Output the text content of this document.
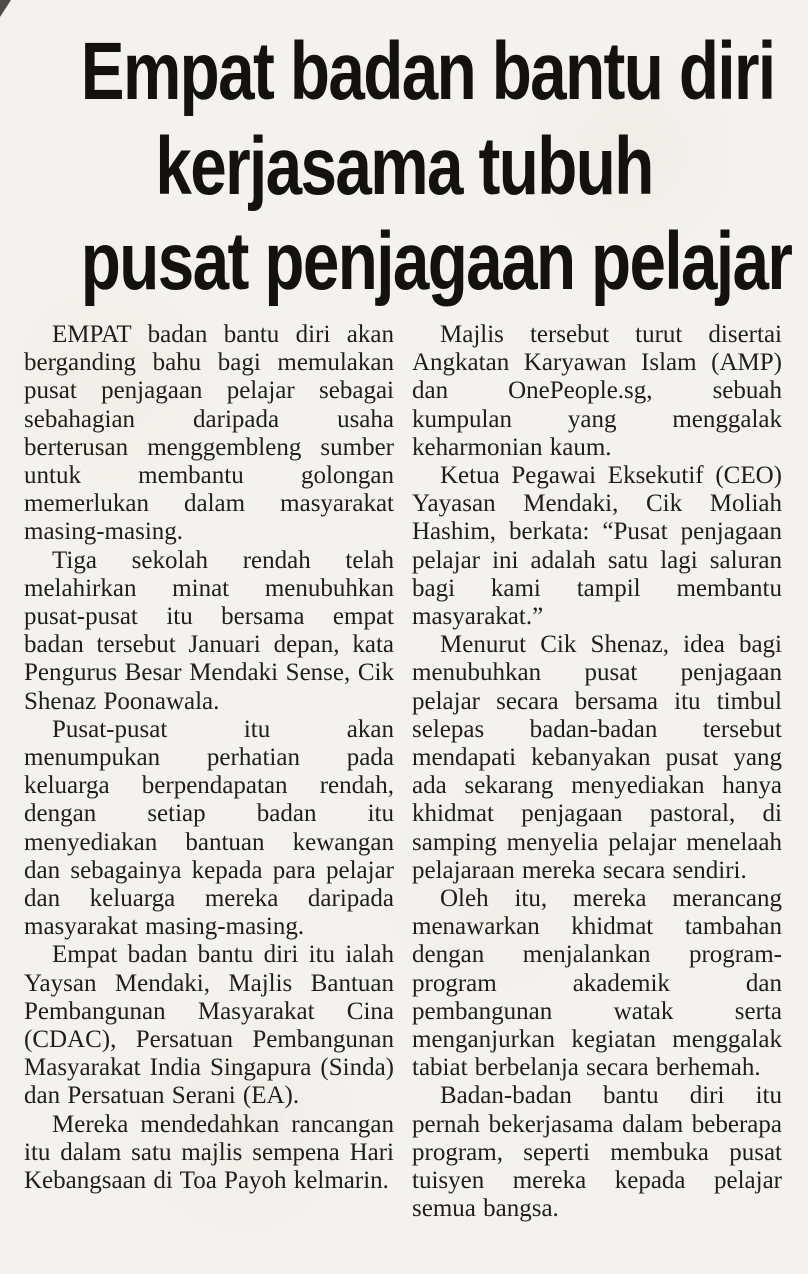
Empat badan bantu diri
kerjasama tubuh
pusat penjagaan pelajar

EMPAT badan bantu diri akan berganding bahu bagi memulakan pusat penjagaan pelajar sebagai sebahagian daripada usaha berterusan menggembleng sumber untuk membantu golongan memerlukan dalam masyarakat masing-masing.

Tiga sekolah rendah telah melahirkan minat menubuhkan pusat-pusat itu bersama empat badan tersebut Januari depan, kata Pengurus Besar Mendaki Sense, Cik Shenaz Poonawala.

Pusat-pusat itu akan menumpukan perhatian pada keluarga berpendapatan rendah, dengan setiap badan itu menyediakan bantuan kewangan dan sebagainya kepada para pelajar dan keluarga mereka daripada masyarakat masing-masing.

Empat badan bantu diri itu ialah Yaysan Mendaki, Majlis Bantuan Pembangunan Masyarakat Cina (CDAC), Persatuan Pembangunan Masyarakat India Singapura (Sinda) dan Persatuan Serani (EA).

Mereka mendedahkan rancangan itu dalam satu majlis sempena Hari Kebangsaan di Toa Payoh kelmarin.

Majlis tersebut turut disertai Angkatan Karyawan Islam (AMP) dan OnePeople.sg, sebuah kumpulan yang menggalak keharmonian kaum.

Ketua Pegawai Eksekutif (CEO) Yayasan Mendaki, Cik Moliah Hashim, berkata: “Pusat penjagaan pelajar ini adalah satu lagi saluran bagi kami tampil membantu masyarakat.”

Menurut Cik Shenaz, idea bagi menubuhkan pusat penjagaan pelajar secara bersama itu timbul selepas badan-badan tersebut mendapati kebanyakan pusat yang ada sekarang menyediakan hanya khidmat penjagaan pastoral, di samping menyelia pelajar menelaah pelajaraan mereka secara sendiri.

Oleh itu, mereka merancang menawarkan khidmat tambahan dengan menjalankan program-program akademik dan pembangunan watak serta menganjurkan kegiatan menggalak tabiat berbelanja secara berhemah.

Badan-badan bantu diri itu pernah bekerjasama dalam beberapa program, seperti membuka pusat tuisyen mereka kepada pelajar semua bangsa.
